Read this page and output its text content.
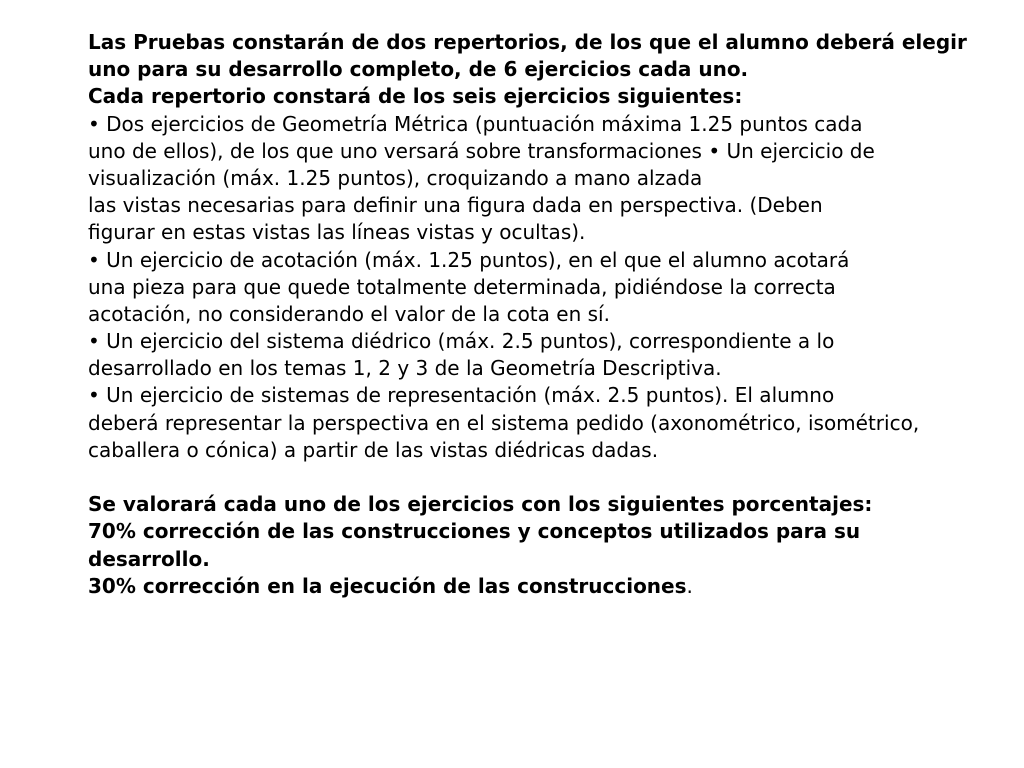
Las Pruebas constarán de dos repertorios, de los que el alumno deberá elegir
uno para su desarrollo completo, de 6 ejercicios cada uno.
Cada repertorio constará de los seis ejercicios siguientes:
• Dos ejercicios de Geometría Métrica (puntuación máxima 1.25 puntos cada
uno de ellos), de los que uno versará sobre transformaciones • Un ejercicio de
visualización (máx. 1.25 puntos), croquizando a mano alzada
las vistas necesarias para definir una figura dada en perspectiva. (Deben
figurar en estas vistas las líneas vistas y ocultas).
• Un ejercicio de acotación (máx. 1.25 puntos), en el que el alumno acotará
una pieza para que quede totalmente determinada, pidiéndose la correcta
acotación, no considerando el valor de la cota en sí.
• Un ejercicio del sistema diédrico (máx. 2.5 puntos), correspondiente a lo
desarrollado en los temas 1, 2 y 3 de la Geometría Descriptiva.
• Un ejercicio de sistemas de representación (máx. 2.5 puntos). El alumno
deberá representar la perspectiva en el sistema pedido (axonométrico, isométrico,
caballera o cónica) a partir de las vistas diédricas dadas.
Se valorará cada uno de los ejercicios con los siguientes porcentajes:
70% corrección de las construcciones y conceptos utilizados para su
desarrollo.
30% corrección en la ejecución de las construcciones.
